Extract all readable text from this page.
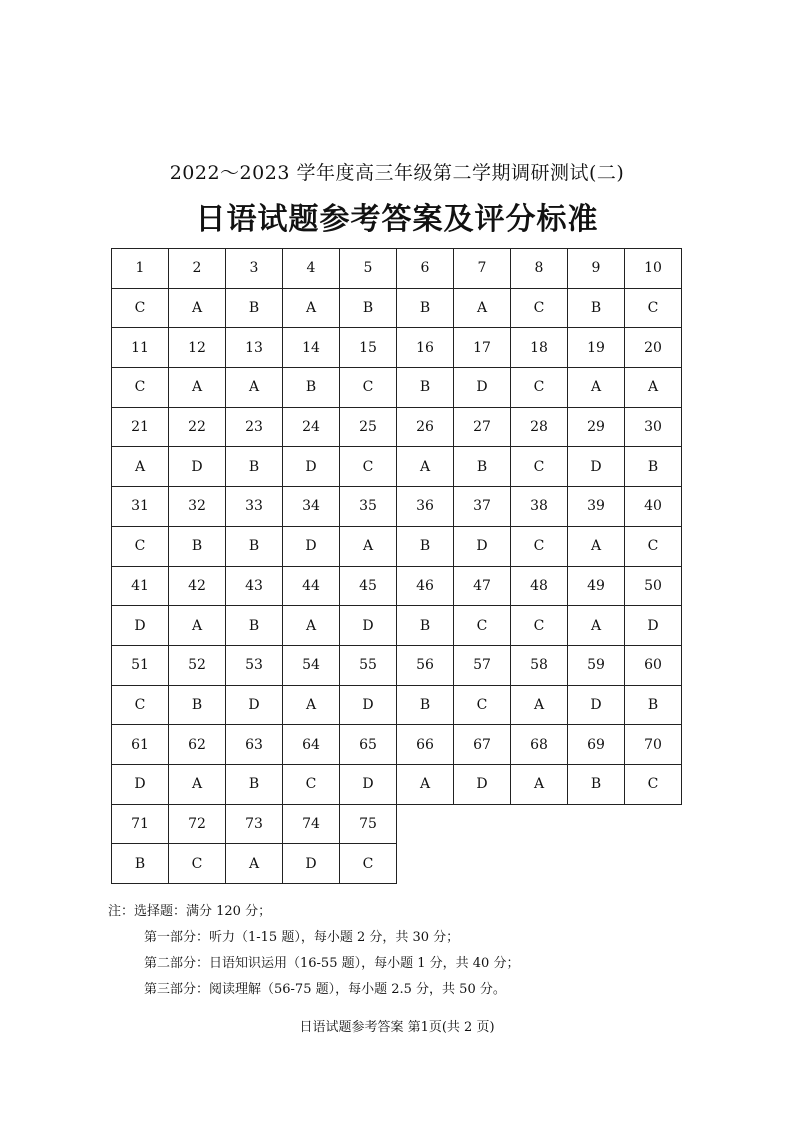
2022～2023 学年度高三年级第二学期调研测试(二)
日语试题参考答案及评分标准
1	2	3	4	5	6	7	8	9	10
C	A	B	A	B	B	A	C	B	C
11	12	13	14	15	16	17	18	19	20
C	A	A	B	C	B	D	C	A	A
21	22	23	24	25	26	27	28	29	30
A	D	B	D	C	A	B	C	D	B
31	32	33	34	35	36	37	38	39	40
C	B	B	D	A	B	D	C	A	C
41	42	43	44	45	46	47	48	49	50
D	A	B	A	D	B	C	C	A	D
51	52	53	54	55	56	57	58	59	60
C	B	D	A	D	B	C	A	D	B
61	62	63	64	65	66	67	68	69	70
D	A	B	C	D	A	D	A	B	C
71	72	73	74	75					
B	C	A	D	C					
注：选择题：满分 120 分；
第一部分：听力（1-15 题），每小题 2 分，共 30 分；
第二部分：日语知识运用（16-55 题），每小题 1 分，共 40 分；
第三部分：阅读理解（56-75 题），每小题 2.5 分，共 50 分。
日语试题参考答案 第1页(共 2 页)
